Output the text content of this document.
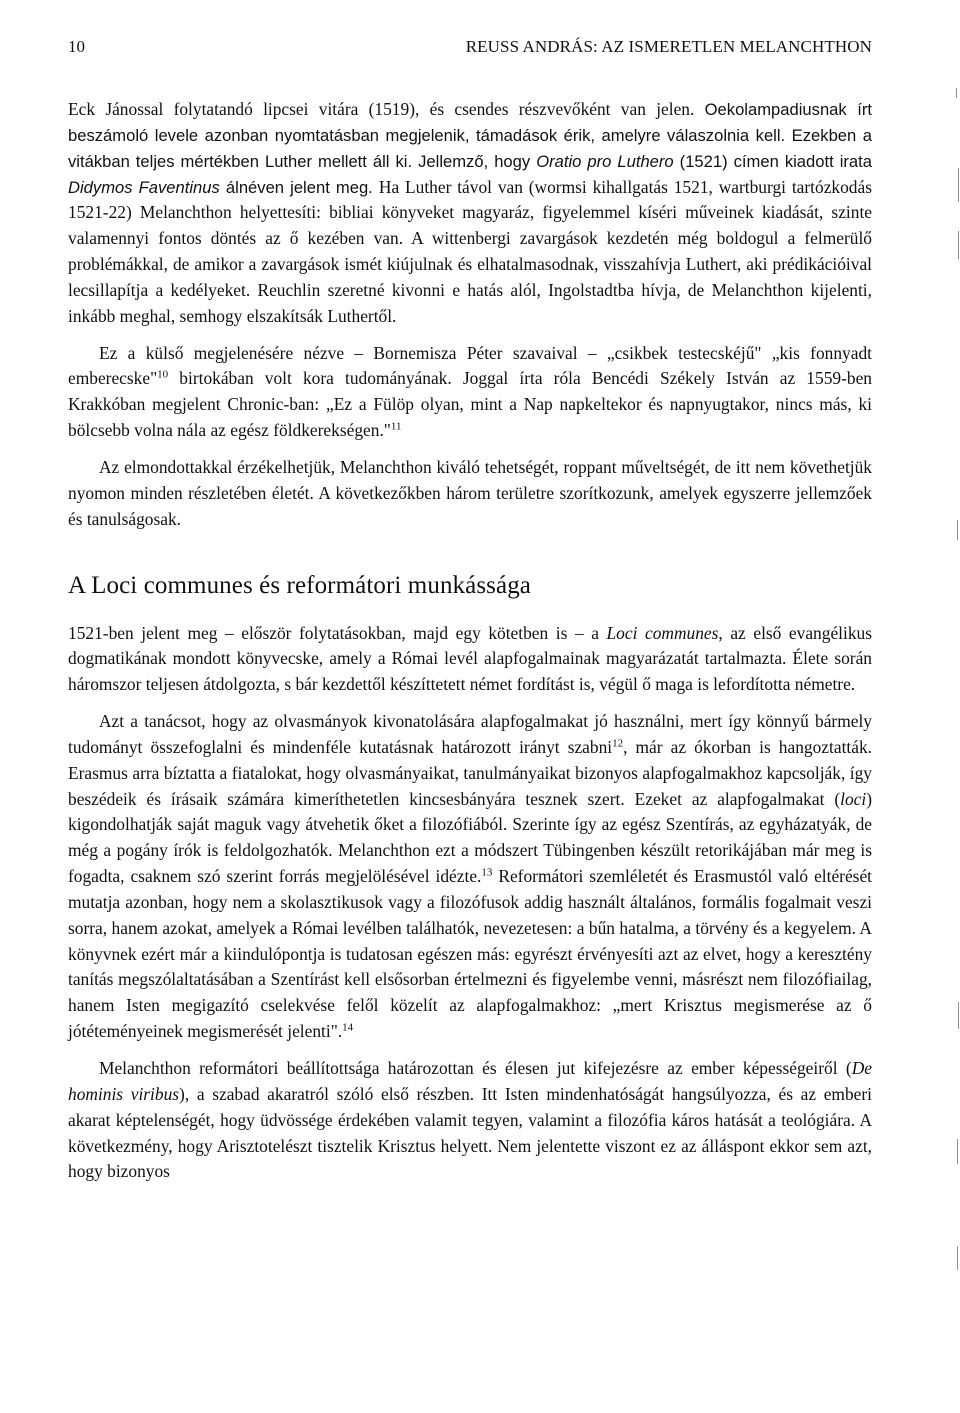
10	REUSS ANDRÁS: AZ ISMERETLEN MELANCHTHON

Eck Jánossal folytatandó lipcsei vitára (1519), és csendes részvevőként van jelen. Oekolampadiusnak írt beszámoló levele azonban nyomtatásban megjelenik, támadások érik, amelyre válaszolnia kell. Ezekben a vitákban teljes mértékben Luther mellett áll ki. Jellemző, hogy Oratio pro Luthero (1521) címen kiadott irata Didymos Faventinus álnéven jelent meg. Ha Luther távol van (wormsi kihallgatás 1521, wartburgi tartózkodás 1521-22) Melanchthon helyettesíti: bibliai könyveket magyaráz, figyelemmel kíséri műveinek kiadását, szinte valamennyi fontos döntés az ő kezében van. A wittenbergi zavargások kezdetén még boldogul a felmerülő problémákkal, de amikor a zavargások ismét kiújulnak és elhatalmasodnak, visszahívja Luthert, aki prédikációival lecsillapítja a kedélyeket. Reuchlin szeretné kivonni e hatás alól, Ingolstadtba hívja, de Melanchthon kijelenti, inkább meghal, semhogy elszakítsák Luthertől.

Ez a külső megjelenésére nézve – Bornemisza Péter szavaival – „csikbek testecskéjű" „kis fonnyadt emberecske"$^{10}$ birtokában volt kora tudományának. Joggal írta róla Bencédi Székely István az 1559-ben Krakkóban megjelent Chronic-ban: „Ez a Fülöp olyan, mint a Nap napkeltekor és napnyugtakor, nincs más, ki bölcsebb volna nála az egész földkerekségen."$^{11}$

Az elmondottakkal érzékelhetjük, Melanchthon kiváló tehetségét, roppant műveltségét, de itt nem követhetjük nyomon minden részletében életét. A következőkben három területre szorítkozunk, amelyek egyszerre jellemzőek és tanulságosak.

A Loci communes és reformátori munkássága

1521-ben jelent meg – először folytatásokban, majd egy kötetben is – a Loci communes, az első evangélikus dogmatikának mondott könyvecske, amely a Római levél alapfogalmainak magyarázatát tartalmazta. Élete során háromszor teljesen átdolgozta, s bár kezdettől készíttetett német fordítást is, végül ő maga is lefordította németre.

Azt a tanácsot, hogy az olvasmányok kivonatolására alapfogalmakat jó használni, mert így könnyű bármely tudományt összefoglalni és mindenféle kutatásnak határozott irányt szabni$^{12}$, már az ókorban is hangoztatták. Erasmus arra bíztatta a fiatalokat, hogy olvasmányaikat, tanulmányaikat bizonyos alapfogalmakhoz kapcsolják, így beszédeik és írásaik számára kimeríthetetlen kincsesbányára tesznek szert. Ezeket az alapfogalmakat (loci) kigondolhatják saját maguk vagy átvehetik őket a filozófiából. Szerinte így az egész Szentírás, az egyházatyák, de még a pogány írók is feldolgozhatók. Melanchthon ezt a módszert Tübingenben készült retorikájában már meg is fogadta, csaknem szó szerint forrás megjelölésével idézte.$^{13}$ Reformátori szemléletét és Erasmustól való eltérését mutatja azonban, hogy nem a skolasztikusok vagy a filozófusok addig használt általános, formális fogalmait veszi sorra, hanem azokat, amelyek a Római levélben találhatók, nevezetesen: a bűn hatalma, a törvény és a kegyelem. A könyvnek ezért már a kiindulópontja is tudatosan egészen más: egyrészt érvényesíti azt az elvet, hogy a keresztény tanítás megszólaltatásában a Szentírást kell elsősorban értelmezni és figyelembe venni, másrészt nem filozófiailag, hanem Isten megigazító cselekvése felől közelít az alapfogalmakhoz: „mert Krisztus megismerése az ő jótéteményeinek megismerését jelenti".$^{14}$

Melanchthon reformátori beállítottsága határozottan és élesen jut kifejezésre az ember képességeiről (De hominis viribus), a szabad akaratról szóló első részben. Itt Isten mindenhatóságát hangsúlyozza, és az emberi akarat képtelenségét, hogy üdvössége érdekében valamit tegyen, valamint a filozófia káros hatását a teológiára. A következmény, hogy Arisztotelészt tisztelik Krisztus helyett. Nem jelentette viszont ez az álláspont ekkor sem azt, hogy bizonyos
